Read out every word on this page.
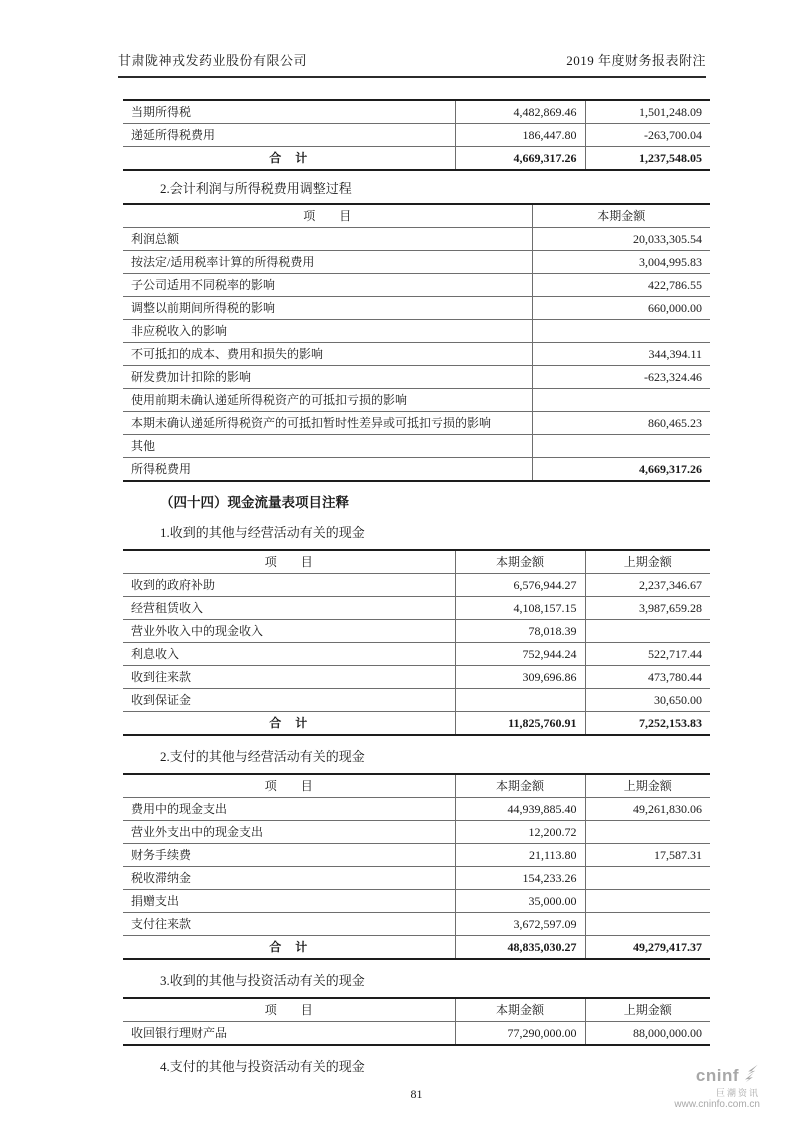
甘肃陇神戎发药业股份有限公司	2019 年度财务报表附注
当期所得税	4,482,869.46	1,501,248.09
递延所得税费用	186,447.80	-263,700.04
合　计	4,669,317.26	1,237,548.05
2.会计利润与所得税费用调整过程
项　　目	本期金额
利润总额	20,033,305.54
按法定/适用税率计算的所得税费用	3,004,995.83
子公司适用不同税率的影响	422,786.55
调整以前期间所得税的影响	660,000.00
非应税收入的影响	
不可抵扣的成本、费用和损失的影响	344,394.11
研发费加计扣除的影响	-623,324.46
使用前期未确认递延所得税资产的可抵扣亏损的影响	
本期未确认递延所得税资产的可抵扣暂时性差异或可抵扣亏损的影响	860,465.23
其他	
所得税费用	4,669,317.26
（四十四）现金流量表项目注释
1.收到的其他与经营活动有关的现金
项　　目	本期金额	上期金额
收到的政府补助	6,576,944.27	2,237,346.67
经营租赁收入	4,108,157.15	3,987,659.28
营业外收入中的现金收入	78,018.39	
利息收入	752,944.24	522,717.44
收到往来款	309,696.86	473,780.44
收到保证金		30,650.00
合　计	11,825,760.91	7,252,153.83
2.支付的其他与经营活动有关的现金
项　　目	本期金额	上期金额
费用中的现金支出	44,939,885.40	49,261,830.06
营业外支出中的现金支出	12,200.72	
财务手续费	21,113.80	17,587.31
税收滞纳金	154,233.26	
捐赠支出	35,000.00	
支付往来款	3,672,597.09	
合　计	48,835,030.27	49,279,417.37
3.收到的其他与投资活动有关的现金
项　　目	本期金额	上期金额
收回银行理财产品	77,290,000.00	88,000,000.00
4.支付的其他与投资活动有关的现金
81
cninf
巨潮资讯
www.cninfo.com.cn
